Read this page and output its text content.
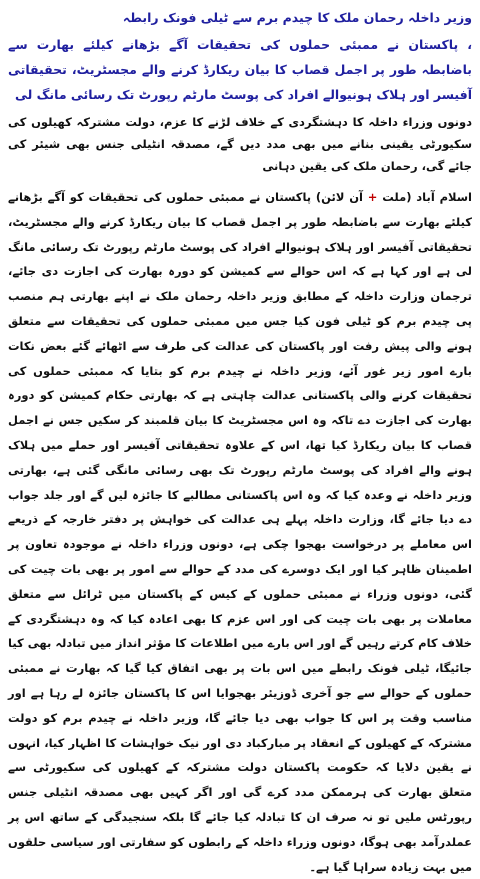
وزیر داخلہ رحمان ملک کا چیدم برم سے ٹیلی فونک رابطہ
، پاکستان نے ممبئی حملوں کی تحقیقات آگے بڑھانے کیلئے بھارت سے باضابطہ طور پر اجمل قصاب کا بیان ریکارڈ کرنے والے مجسٹریٹ، تحقیقاتی آفیسر اور ہلاک ہونیوالے افراد کی پوسٹ مارٹم رپورٹ تک رسائی مانگ لی
دونوں وزراء داخلہ کا دہشتگردی کے خلاف لڑنے کا عزم، دولت مشترکہ کھیلوں کی سکیورٹی یقینی بنانے میں بھی مدد دیں گے، مصدقہ انٹیلی جنس بھی شیئر کی جائے گی، رحمان ملک کی یقین دہانی

اسلام آباد (ملت + آن لائن) پاکستان نے ممبئی حملوں کی تحقیقات کو آگے بڑھانے کیلئے بھارت سے باضابطہ طور پر اجمل قصاب کا بیان ریکارڈ کرنے والے مجسٹریٹ، تحقیقاتی آفیسر اور ہلاک ہونیوالے افراد کی پوسٹ مارٹم رپورٹ تک رسائی مانگ لی ہے اور کہا ہے کہ اس حوالے سے کمیشن کو دورہ بھارت کی اجازت دی جائے، ترجمان وزارت داخلہ کے مطابق وزیر داخلہ رحمان ملک نے اپنے بھارتی ہم منصب پی چیدم برم کو ٹیلی فون کیا جس میں ممبئی حملوں کی تحقیقات سے متعلق ہونے والی پیش رفت اور پاکستان کی عدالت کی طرف سے اٹھائے گئے بعض نکات بارے امور زیر غور آئے، وزیر داخلہ نے چیدم برم کو بتایا کہ ممبئی حملوں کی تحقیقات کرنے والی پاکستانی عدالت چاہتی ہے کہ بھارتی حکام کمیشن کو دورہ بھارت کی اجازت دے تاکہ وہ اس مجسٹریٹ کا بیان قلمبند کر سکیں جس نے اجمل قصاب کا بیان ریکارڈ کیا تھا، اس کے علاوہ تحقیقاتی آفیسر اور حملے میں ہلاک ہونے والے افراد کی پوسٹ مارٹم رپورٹ تک بھی رسائی مانگی گئی ہے، بھارتی وزیر داخلہ نے وعدہ کیا کہ وہ اس پاکستانی مطالبے کا جائزہ لیں گے اور جلد جواب دے دیا جائے گا، وزارت داخلہ پہلے ہی عدالت کی خواہش پر دفتر خارجہ کے ذریعے اس معاملے پر درخواست بھجوا چکی ہے، دونوں وزراء داخلہ نے موجودہ تعاون پر اطمینان ظاہر کیا اور ایک دوسرے کی مدد کے حوالے سے امور پر بھی بات چیت کی گئی، دونوں وزراء نے ممبئی حملوں کے کیس کے پاکستان میں ٹرائل سے متعلق معاملات پر بھی بات چیت کی اور اس عزم کا بھی اعادہ کیا کہ وہ دہشتگردی کے خلاف کام کرتے رہیں گے اور اس بارے میں اطلاعات کا مؤثر انداز میں تبادلہ بھی کیا جائیگا، ٹیلی فونک رابطے میں اس بات پر بھی اتفاق کیا گیا کہ بھارت نے ممبئی حملوں کے حوالے سے جو آخری ڈوزیئر بھجوایا اس کا پاکستان جائزہ لے رہا ہے اور مناسب وقت پر اس کا جواب بھی دیا جائے گا، وزیر داخلہ نے چیدم برم کو دولت مشترکہ کے کھیلوں کے انعقاد پر مبارکباد دی اور نیک خواہشات کا اظہار کیا، انہوں نے یقین دلایا کہ حکومت پاکستان دولت مشترکہ کے کھیلوں کی سکیورٹی سے متعلق بھارت کی ہرممکن مدد کرے گی اور اگر کہیں بھی مصدقہ انٹیلی جنس رپورٹس ملیں تو نہ صرف ان کا تبادلہ کیا جائے گا بلکہ سنجیدگی کے ساتھ اس پر عملدرآمد بھی ہوگا، دونوں وزراء داخلہ کے رابطوں کو سفارتی اور سیاسی حلقوں میں بہت زیادہ سراہا گیا ہے۔
